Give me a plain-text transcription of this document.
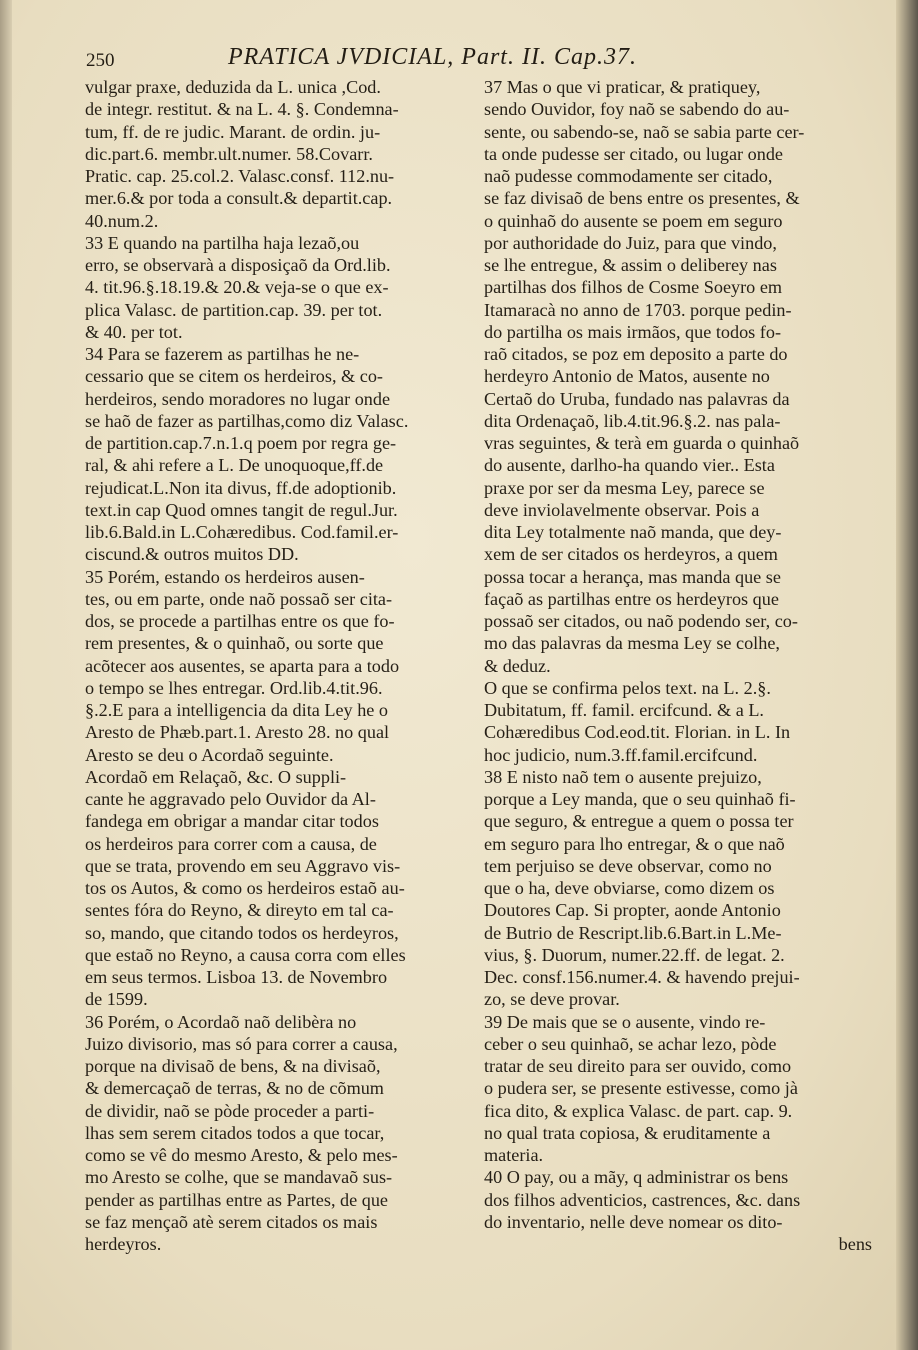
250	PRATICA JVDICIAL, Part. II. Cap.37.
vulgar praxe, deduzida da L. unica ,Cod.
de integr. restitut. & na L. 4. §. Condemna-
tum, ff. de re judic. Marant. de ordin. ju-
dic.part.6. membr.ult.numer. 58.Covarr.
Pratic. cap. 25.col.2. Valasc.consf. 112.nu-
mer.6.& por toda a consult.& departit.cap.
40.num.2.
33 E quando na partilha haja lezaõ,ou
erro, se observarà a disposiçaõ da Ord.lib.
4. tit.96.§.18.19.& 20.& veja-se o que ex-
plica Valasc. de partition.cap. 39. per tot.
& 40. per tot.
34 Para se fazerem as partilhas he ne-
cessario que se citem os herdeiros, & co-
herdeiros, sendo moradores no lugar onde
se haõ de fazer as partilhas,como diz Valasc.
de partition.cap.7.n.1.q poem por regra ge-
ral, & ahi refere a L. De unoquoque,ff.de
rejudicat.L.Non ita divus, ff.de adoptionib.
text.in cap Quod omnes tangit de regul.Jur.
lib.6.Bald.in L.Cohæredibus. Cod.famil.er-
ciscund.& outros muitos DD.
35 Porém, estando os herdeiros ausen-
tes, ou em parte, onde naõ possaõ ser cita-
dos, se procede a partilhas entre os que fo-
rem presentes, & o quinhaõ, ou sorte que
acõtecer aos ausentes, se aparta para a todo
o tempo se lhes entregar. Ord.lib.4.tit.96.
§.2.E para a intelligencia da dita Ley he o
Aresto de Phæb.part.1. Aresto 28. no qual
Aresto se deu o Acordaõ seguinte.
Acordaõ em Relaçaõ, &c. O suppli-
cante he aggravado pelo Ouvidor da Al-
fandega em obrigar a mandar citar todos
os herdeiros para correr com a causa, de
que se trata, provendo em seu Aggravo vis-
tos os Autos, & como os herdeiros estaõ au-
sentes fóra do Reyno, & direyto em tal ca-
so, mando, que citando todos os herdeyros,
que estaõ no Reyno, a causa corra com elles
em seus termos. Lisboa 13. de Novembro
de 1599.
36 Porém, o Acordaõ naõ delibèra no
Juizo divisorio, mas só para correr a causa,
porque na divisaõ de bens, & na divisaõ,
& demercaçaõ de terras, & no de cõmum
de dividir, naõ se pòde proceder a parti-
lhas sem serem citados todos a que tocar,
como se vê do mesmo Aresto, & pelo mes-
mo Aresto se colhe, que se mandavaõ sus-
pender as partilhas entre as Partes, de que
se faz mençaõ atè serem citados os mais
herdeyros.
37 Mas o que vi praticar, & pratiquey,
sendo Ouvidor, foy naõ se sabendo do au-
sente, ou sabendo-se, naõ se sabia parte cer-
ta onde pudesse ser citado, ou lugar onde
naõ pudesse commodamente ser citado,
se faz divisaõ de bens entre os presentes, &
o quinhaõ do ausente se poem em seguro
por authoridade do Juiz, para que vindo,
se lhe entregue, & assim o deliberey nas
partilhas dos filhos de Cosme Soeyro em
Itamaracà no anno de 1703. porque pedin-
do partilha os mais irmãos, que todos fo-
raõ citados, se poz em deposito a parte do
herdeyro Antonio de Matos, ausente no
Certaõ do Uruba, fundado nas palavras da
dita Ordenaçaõ, lib.4.tit.96.§.2. nas pala-
vras seguintes, & terà em guarda o quinhaõ
do ausente, darlho-ha quando vier.. Esta
praxe por ser da mesma Ley, parece se
deve inviolavelmente observar. Pois a
dita Ley totalmente naõ manda, que dey-
xem de ser citados os herdeyros, a quem
possa tocar a herança, mas manda que se
façaõ as partilhas entre os herdeyros que
possaõ ser citados, ou naõ podendo ser, co-
mo das palavras da mesma Ley se colhe,
& deduz.
O que se confirma pelos text. na L. 2.§.
Dubitatum, ff. famil. ercifcund. & a L.
Cohæredibus Cod.eod.tit. Florian. in L. In
hoc judicio, num.3.ff.famil.ercifcund.
38 E nisto naõ tem o ausente prejuizo,
porque a Ley manda, que o seu quinhaõ fi-
que seguro, & entregue a quem o possa ter
em seguro para lho entregar, & o que naõ
tem perjuiso se deve observar, como no
que o ha, deve obviarse, como dizem os
Doutores Cap. Si propter, aonde Antonio
de Butrio de Rescript.lib.6.Bart.in L.Me-
vius, §. Duorum, numer.22.ff. de legat. 2.
Dec. consf.156.numer.4. & havendo prejui-
zo, se deve provar.
39 De mais que se o ausente, vindo re-
ceber o seu quinhaõ, se achar lezo, pòde
tratar de seu direito para ser ouvido, como
o pudera ser, se presente estivesse, como jà
fica dito, & explica Valasc. de part. cap. 9.
no qual trata copiosa, & eruditamente a
materia.
40 O pay, ou a mãy, q administrar os bens
dos filhos adventicios, castrences, &c. dans
do inventario, nelle deve nomear os dito-
bens
